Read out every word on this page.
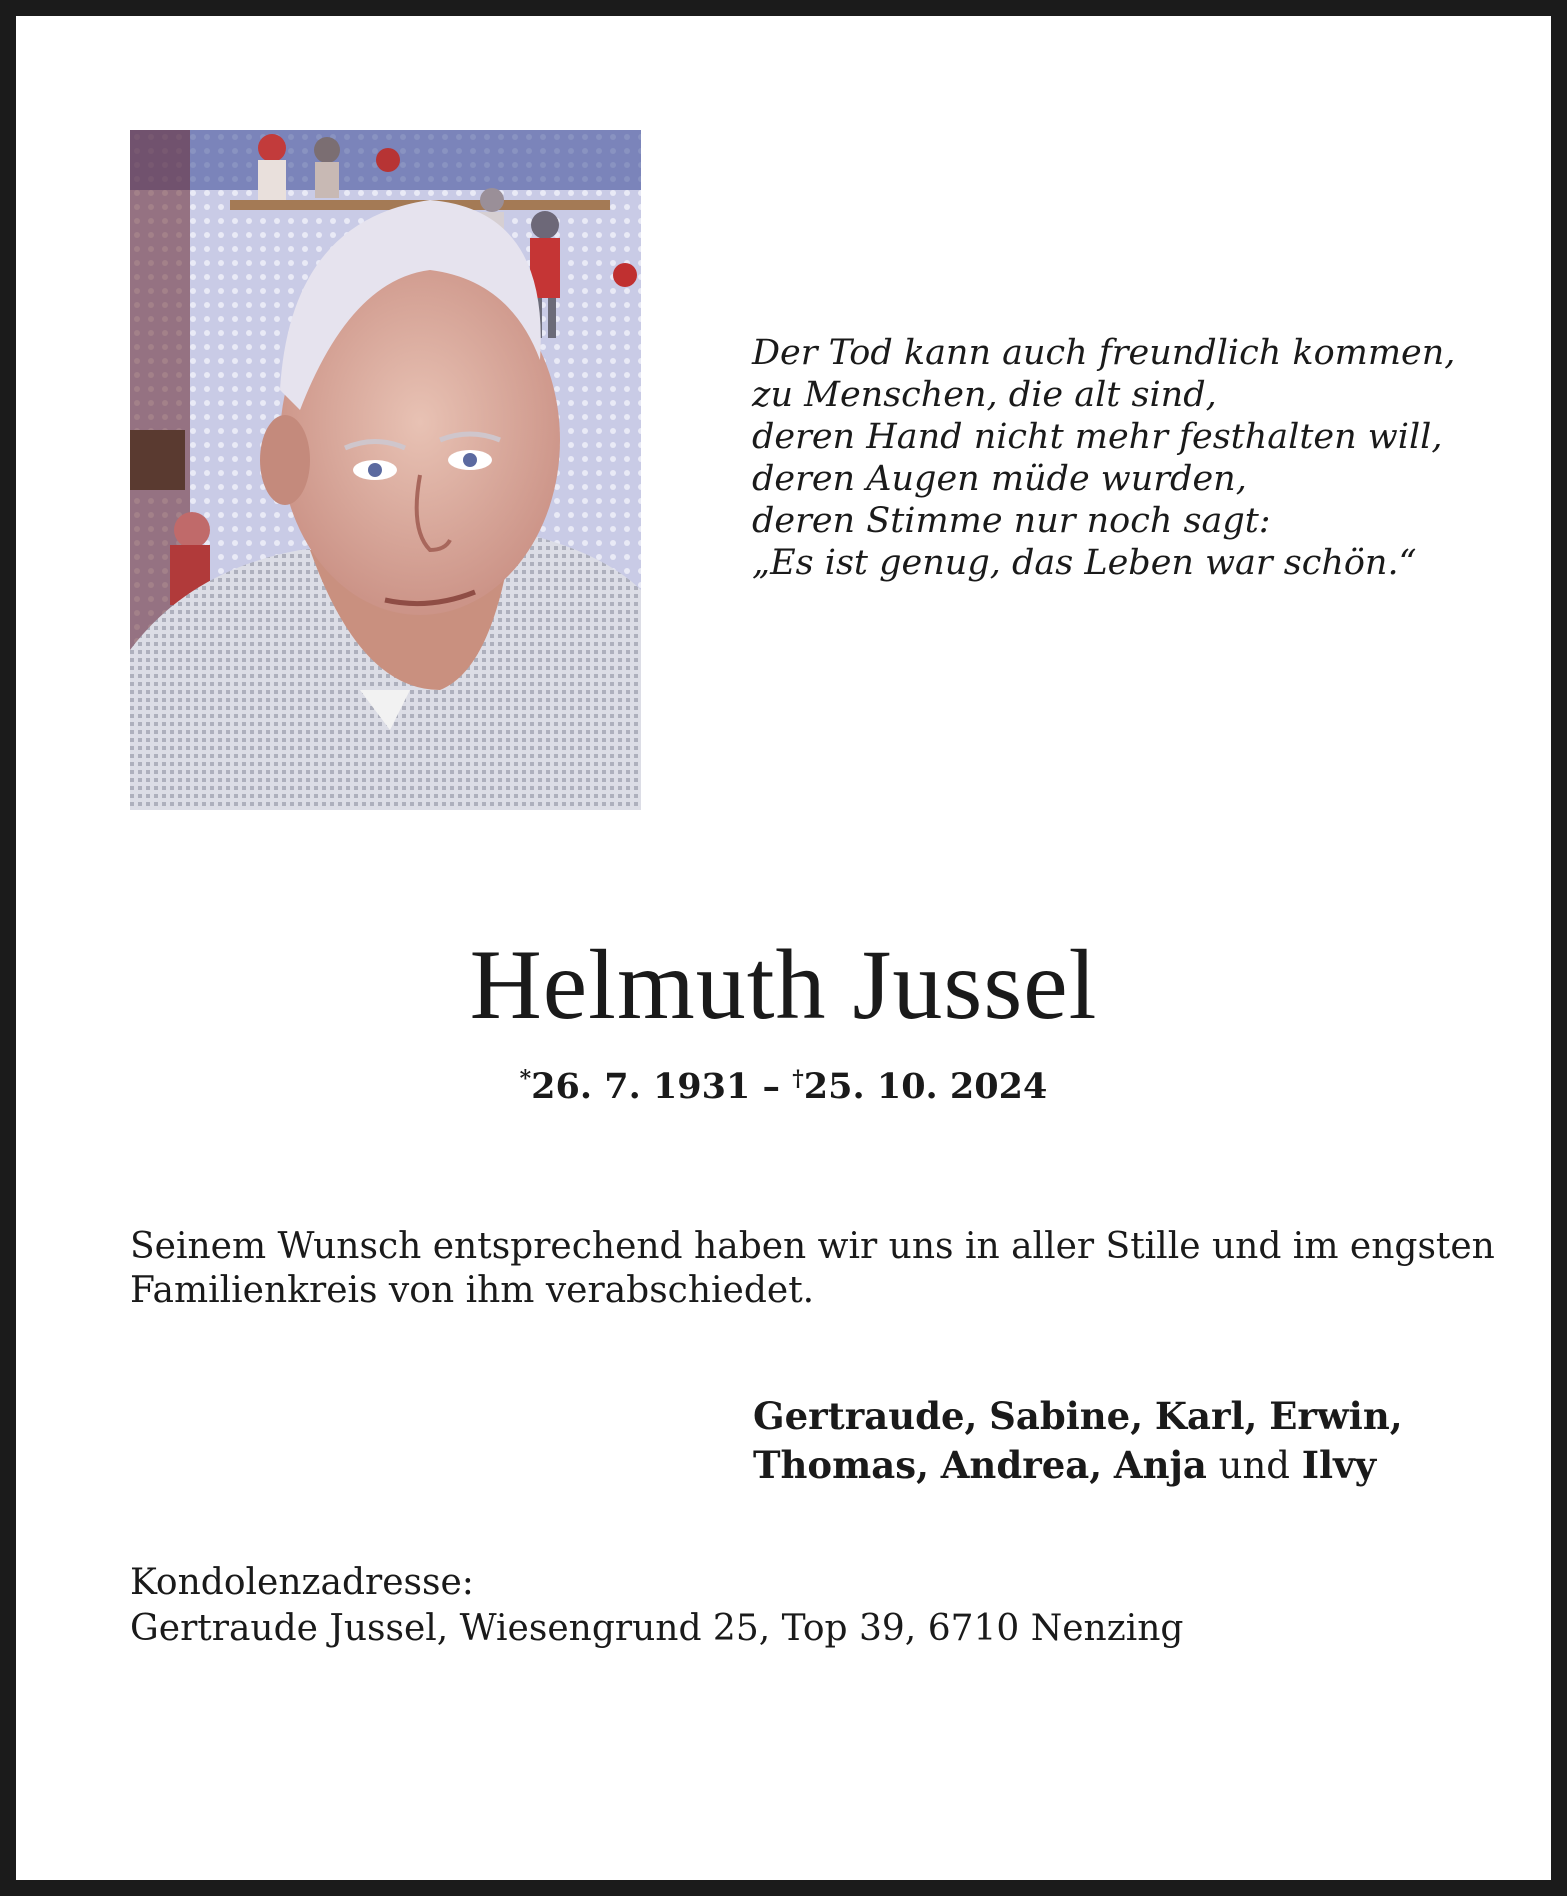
Der Tod kann auch freundlich kommen,
zu Menschen, die alt sind,
deren Hand nicht mehr festhalten will,
deren Augen müde wurden,
deren Stimme nur noch sagt:
„Es ist genug, das Leben war schön.“
Helmuth Jussel
*26. 7. 1931 – †25. 10. 2024
Seinem Wunsch entsprechend haben wir uns in aller Stille und im engsten
Familienkreis von ihm verabschiedet.
Gertraude, Sabine, Karl, Erwin,
Thomas, Andrea, Anja und Ilvy
Kondolenzadresse:
Gertraude Jussel, Wiesengrund 25, Top 39, 6710 Nenzing
